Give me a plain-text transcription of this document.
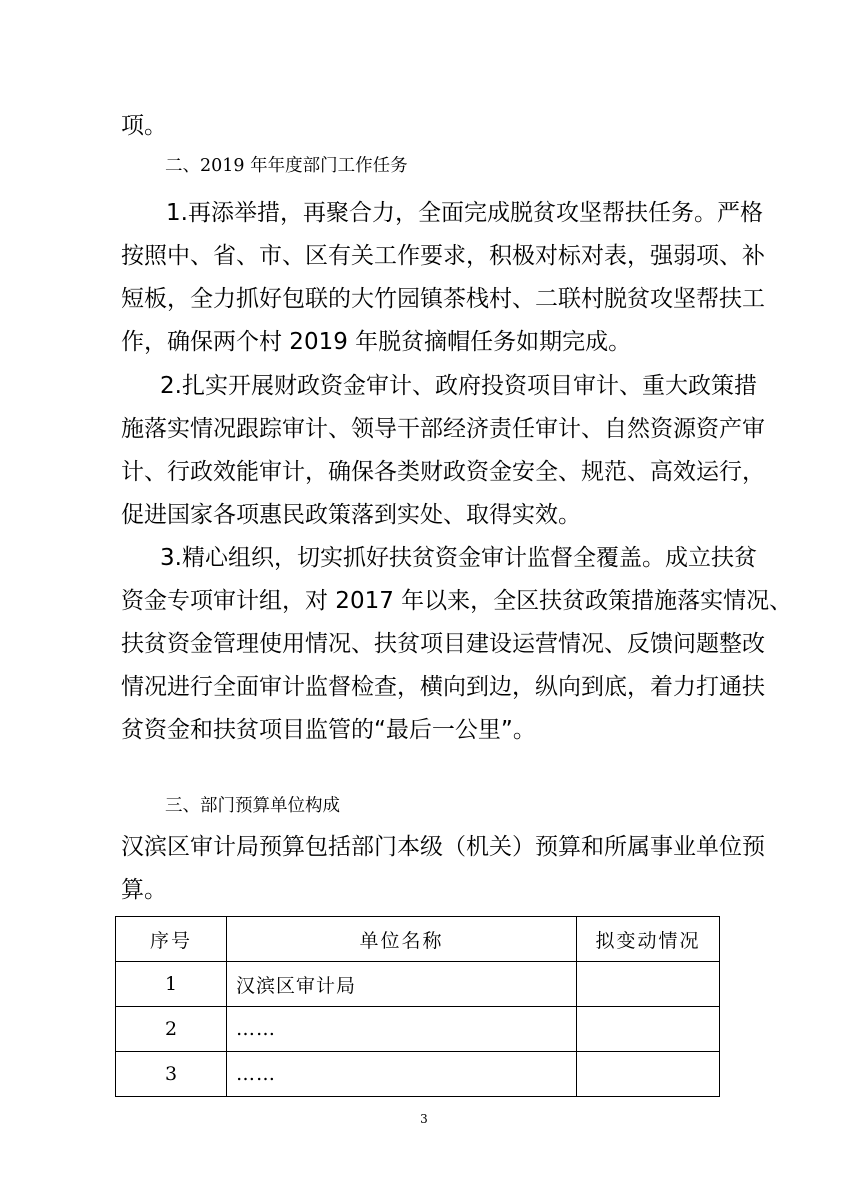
项。
二、2019 年年度部门工作任务
1.再添举措，再聚合力，全面完成脱贫攻坚帮扶任务。严格
按照中、省、市、区有关工作要求，积极对标对表，强弱项、补
短板，全力抓好包联的大竹园镇茶栈村、二联村脱贫攻坚帮扶工
作，确保两个村 2019 年脱贫摘帽任务如期完成。
2.扎实开展财政资金审计、政府投资项目审计、重大政策措
施落实情况跟踪审计、领导干部经济责任审计、自然资源资产审
计、行政效能审计，确保各类财政资金安全、规范、高效运行，
促进国家各项惠民政策落到实处、取得实效。
3.精心组织，切实抓好扶贫资金审计监督全覆盖。成立扶贫
资金专项审计组，对 2017 年以来，全区扶贫政策措施落实情况、
扶贫资金管理使用情况、扶贫项目建设运营情况、反馈问题整改
情况进行全面审计监督检查，横向到边，纵向到底，着力打通扶
贫资金和扶贫项目监管的“最后一公里”。
三、部门预算单位构成
汉滨区审计局预算包括部门本级（机关）预算和所属事业单位预
算。
序号	单位名称	拟变动情况
1	汉滨区审计局	
2	……	
3	……	
3
